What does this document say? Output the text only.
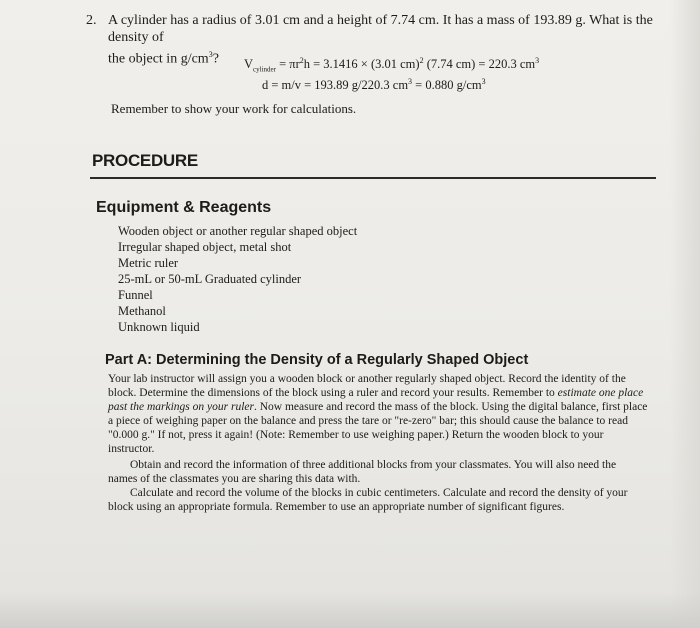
2. A cylinder has a radius of 3.01 cm and a height of 7.74 cm. It has a mass of 193.89 g. What is the density of
the object in $g/cm^3$?	$V_{cylinder} = \pi r^2h = 3.1416 \times (3.01$ cm)$^2$ (7.74 cm) = 220.3 $cm^3$
d = m/v = 193.89 g/220.3 $cm^3 = 0.880$ $g/cm^3$
Remember to show your work for calculations.
PROCEDURE
Equipment & Reagents
Wooden object or another regular shaped object
Irregular shaped object, metal shot
Metric ruler
25-mL or 50-mL Graduated cylinder
Funnel
Methanol
Unknown liquid
Part A: Determining the Density of a Regularly Shaped Object

Your lab instructor will assign you a wooden block or another regularly shaped object. Record the identity of the block. Determine the dimensions of the block using a ruler and record your results. Remember to estimate one place past the markings on your ruler. Now measure and record the mass of the block. Using the digital balance, first place a piece of weighing paper on the balance and press the tare or "re-zero" bar; this should cause the balance to read "0.000 g." If not, press it again! (Note: Remember to use weighing paper.) Return the wooden block to your instructor.

Obtain and record the information of three additional blocks from your classmates. You will also need the names of the classmates you are sharing this data with.

Calculate and record the volume of the blocks in cubic centimeters. Calculate and record the density of your block using an appropriate formula. Remember to use an appropriate number of significant figures.
